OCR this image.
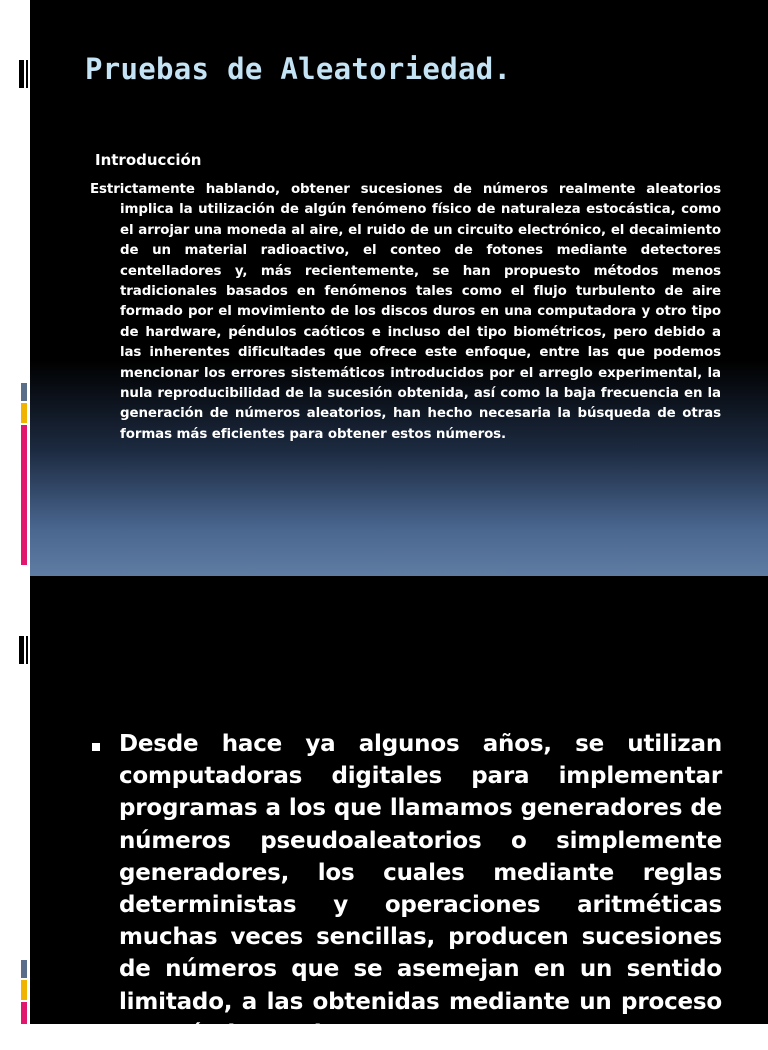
Pruebas de Aleatoriedad.
Introducción

Estrictamente hablando, obtener sucesiones de números realmente aleatorios implica la utilización de algún fenómeno físico de naturaleza estocástica, como el arrojar una moneda al aire, el ruido de un circuito electrónico, el decaimiento de un material radioactivo, el conteo de fotones mediante detectores centelladores y, más recientemente, se han propuesto métodos menos tradicionales basados en fenómenos tales como el flujo turbulento de aire formado por el movimiento de los discos duros en una computadora y otro tipo de hardware, péndulos caóticos e incluso del tipo biométricos, pero debido a las inherentes dificultades que ofrece este enfoque, entre las que podemos mencionar los errores sistemáticos introducidos por el arreglo experimental, la nula reproducibilidad de la sucesión obtenida, así como la baja frecuencia en la generación de números aleatorios, han hecho necesaria la búsqueda de otras formas más eficientes para obtener estos números.

Desde hace ya algunos años, se utilizan computadoras digitales para implementar programas a los que llamamos generadores de números pseudoaleatorios o simplemente generadores, los cuales mediante reglas deterministas y operaciones aritméticas muchas veces sencillas, producen sucesiones de números que se asemejan en un sentido limitado, a las obtenidas mediante un proceso estocástico real.
